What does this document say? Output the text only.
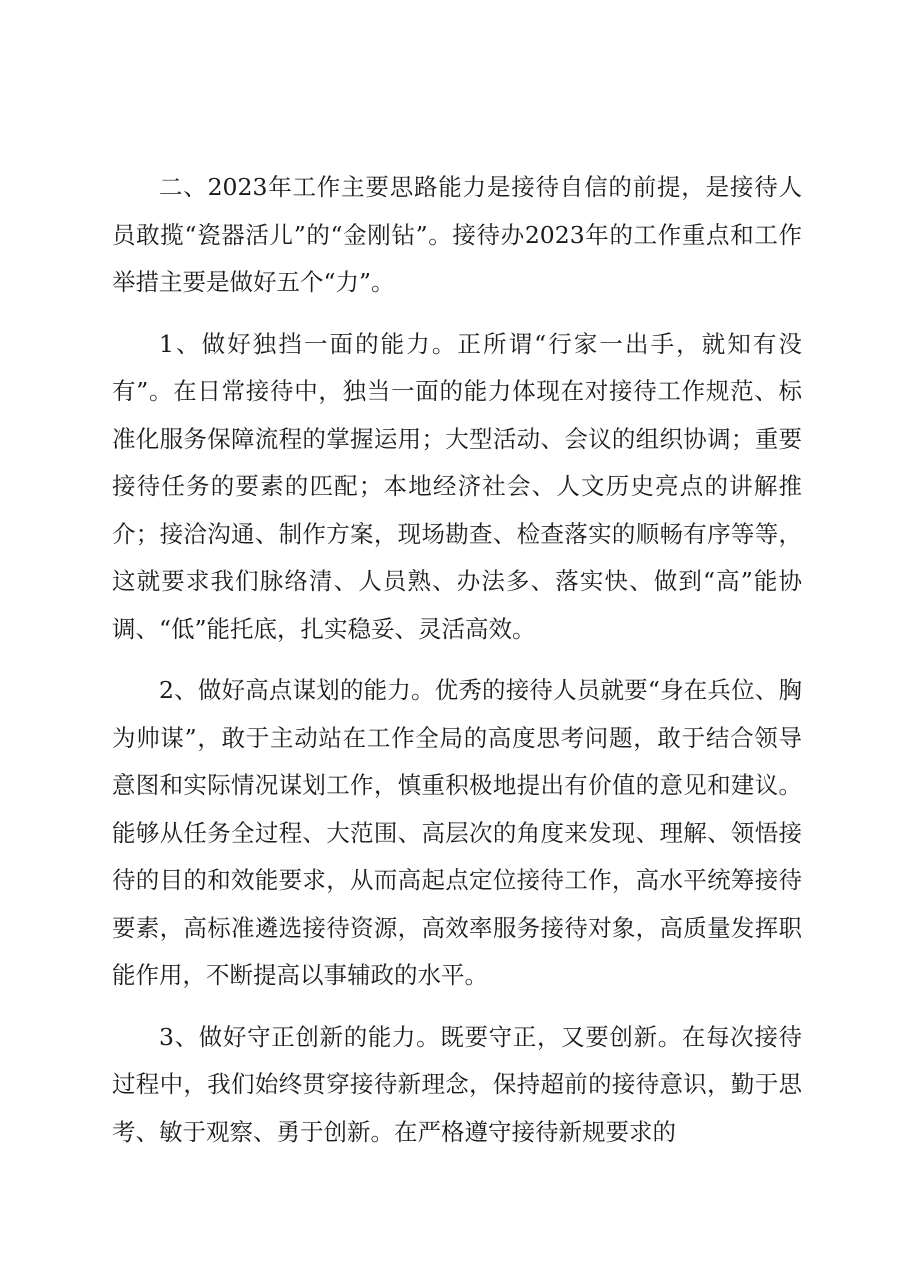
二、2023年工作主要思路能力是接待自信的前提，是接待人员敢揽“瓷器活儿”的“金刚钻”。接待办2023年的工作重点和工作举措主要是做好五个“力”。

1、做好独挡一面的能力。正所谓“行家一出手，就知有没有”。在日常接待中，独当一面的能力体现在对接待工作规范、标准化服务保障流程的掌握运用；大型活动、会议的组织协调；重要接待任务的要素的匹配；本地经济社会、人文历史亮点的讲解推介；接洽沟通、制作方案，现场勘查、检查落实的顺畅有序等等，这就要求我们脉络清、人员熟、办法多、落实快、做到“高”能协调、“低”能托底，扎实稳妥、灵活高效。

2、做好高点谋划的能力。优秀的接待人员就要“身在兵位、胸为帅谋”，敢于主动站在工作全局的高度思考问题，敢于结合领导意图和实际情况谋划工作，慎重积极地提出有价值的意见和建议。能够从任务全过程、大范围、高层次的角度来发现、理解、领悟接待的目的和效能要求，从而高起点定位接待工作，高水平统筹接待要素，高标准遴选接待资源，高效率服务接待对象，高质量发挥职能作用，不断提高以事辅政的水平。

3、做好守正创新的能力。既要守正，又要创新。在每次接待过程中，我们始终贯穿接待新理念，保持超前的接待意识，勤于思考、敏于观察、勇于创新。在严格遵守接待新规要求的
